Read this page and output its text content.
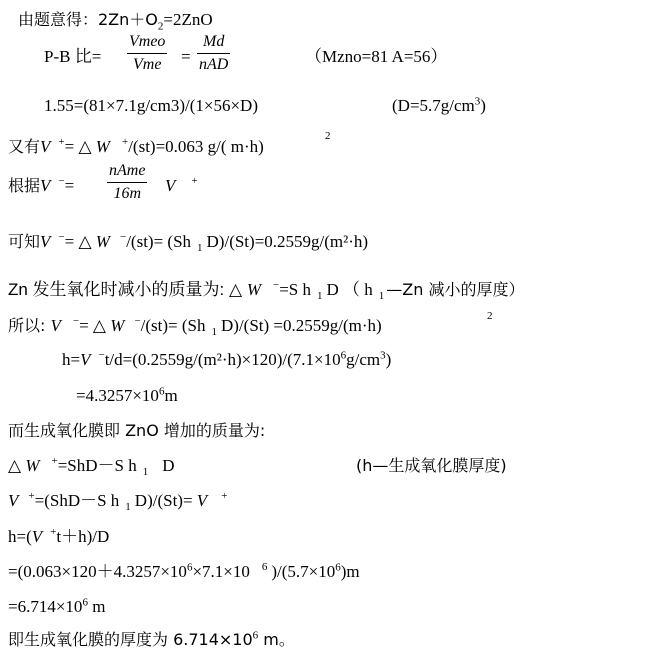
由题意得：$2Zn+O_2=2ZnO$
P-B 比=
Vmeo
Vme	=
Md
nAD	（Mzno=81 A=56）
1.55=(81×7.1g/cm3)/(1×56×D)	$(D=5.7g/cm^3)$
又有V += △ W +/(st)=0.063 g/( m·h)
2
根据V −=
nAme
16m	V +
可知V −= △ W −/(st)= (Sh $_1$ D)/(St)=0.2559g/(m²·h)
Zn 发生氧化时减小的质量为: △ W −=S h $_1$ D （ h $_1$ —Zn 减小的厚度）
所以: V −= △ W −/(st)= (Sh $_1$ D)/(St) =0.2559g/(m·h)	2
h=V $^-t/d=(0.2559g/(m^2\cdot h)\times 120)/(7.1\times 10^6g/cm^3)$
$=4.3257\times 10^6m$
而生成氧化膜即 ZnO 增加的质量为:
△ W +=ShD－S h $_1$ D	(h—生成氧化膜厚度)
V +=(ShD－S h $_1$ D)/(St)= V +
h=(V +t＋h)/D
$=(0.063\times 120+4.3257\times 10^6\times 7.1\times 10$ $^6$ )$/(5.7\times 10^6)m$
$=6.714\times 10^6$ m
即生成氧化膜的厚度为 $6.714\times 10^6$ m。
